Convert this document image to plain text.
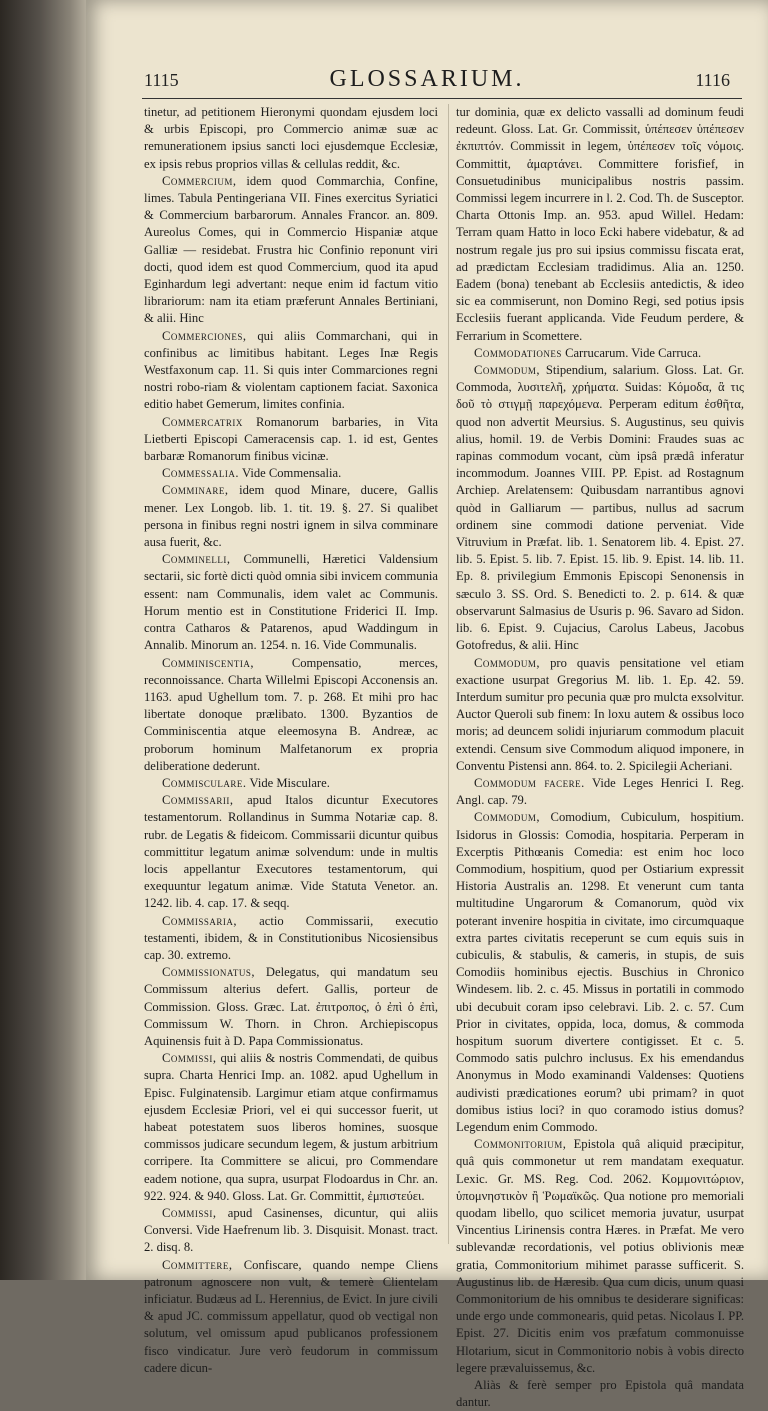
1115	GLOSSARIUM.	1116

tinetur, ad petitionem Hieronymi quondam ejusdem loci & urbis Episcopi, pro Commercio animæ suæ ac remunerationem ipsius sancti loci ejusdemque Ecclesiæ, ex ipsis rebus proprios villas & cellulas reddit, &c.

Commercium, idem quod Commarchia, Confine, limes. Tabula Pentingeriana VII. Fines exercitus Syriatici & Commercium barbarorum. Annales Francor. an. 809. Aureolus Comes, qui in Commercio Hispaniæ atque Galliæ — residebat. Frustra hic Confinio reponunt viri docti, quod idem est quod Commercium, quod ita apud Eginhardum legi advertant: neque enim id factum vitio librariorum: nam ita etiam præferunt Annales Bertiniani, & alii. Hinc

Commerciones, qui aliis Commarchani, qui in confinibus ac limitibus habitant. Leges Inæ Regis Westfaxonum cap. 11. Si quis inter Commarciones regni nostri robo-riam & violentam captionem faciat. Saxonica editio habet Gemerum, limites confinia.

Commercatrix Romanorum barbaries, in Vita Lietberti Episcopi Cameracensis cap. 1. id est, Gentes barbaræ Romanorum finibus vicinæ.

Commessalia. Vide Commensalia.

Comminare, idem quod Minare, ducere, Gallis mener. Lex Longob. lib. 1. tit. 19. §. 27. Si qualibet persona in finibus regni nostri ignem in silva comminare ausa fuerit, &c.

Comminelli, Communelli, Hæretici Valdensium sectarii, sic fortè dicti quòd omnia sibi invicem communia essent: nam Communalis, idem valet ac Communis. Horum mentio est in Constitutione Friderici II. Imp. contra Catharos & Patarenos, apud Waddingum in Annalib. Minorum an. 1254. n. 16. Vide Communalis.

Comminiscentia,	Compensatio, merces, reconnoissance. Charta Willelmi Episcopi Acconensis an. 1163. apud Ughellum tom. 7. p. 268. Et mihi pro hac libertate donoque prælibato. 1300. Byzantios de Comminiscentia atque eleemosyna B. Andreæ, ac proborum hominum Malfetanorum ex propria deliberatione dederunt.

Commisculare. Vide Misculare.

Commissarii, apud Italos dicuntur Executores testamentorum. Rollandinus in Summa Notariæ cap. 8. rubr. de Legatis & fideicom. Commissarii dicuntur quibus committitur legatum animæ solvendum: unde in multis locis appellantur Executores testamentorum, qui exequuntur legatum animæ. Vide Statuta Venetor. an. 1242. lib. 4. cap. 17. & seqq.

Commissaria, actio Commissarii, executio testamenti, ibidem, & in Constitutionibus Nicosiensibus cap. 30. extremo.

Commissionatus, Delegatus, qui mandatum seu Commissum alterius defert. Gallis, porteur de Commission. Gloss. Græc. Lat. ἐπιτροπος, ὁ ἐπὶ ὁ ἐπὶ, Commissum W. Thorn. in Chron. Archiepiscopus Aquinensis fuit à D. Papa Commissionatus.

Commissi, qui aliis & nostris Commendati, de quibus supra. Charta Henrici Imp. an. 1082. apud Ughellum in Episc. Fulginatensib. Largimur etiam atque confirmamus ejusdem Ecclesiæ Priori, vel ei qui successor fuerit, ut habeat potestatem suos liberos homines, suosque commissos judicare secundum legem, & justum arbitrium corripere. Ita Committere se alicui, pro Commendare eadem notione, qua supra, usurpat Flodoardus in Chr. an. 922. 924. & 940. Gloss. Lat. Gr. Committit, ἐμπιστεύει.

Commissi, apud Casinenses, dicuntur, qui aliis Conversi. Vide Haefrenum lib. 3. Disquisit. Monast. tract. 2. disq. 8.

Committere, Confiscare, quando nempe Cliens patronum agnoscere non vult, & temerè Clientelam inficiatur. Budæus ad L. Herennius, de Evict. In jure civili & apud JC. commissum appellatur, quod ob vectigal non solutum, vel omissum apud publicanos professionem fisco vindicatur. Jure verò feudorum in commissum cadere dicun-

tur dominia, quæ ex delicto vassalli ad dominum feudi redeunt. Gloss. Lat. Gr. Commissit, ὑπέπεσεν ὑπέπεσεν ἐκπιπτόν. Commissit in legem, ὑπέπεσεν τοῖς νόμοις. Committit, ἁμαρτάνει. Committere forisfief, in Consuetudinibus municipalibus nostris passim. Commissi legem incurrere in l. 2. Cod. Th. de Susceptor. Charta Ottonis Imp. an. 953. apud Willel. Hedam: Terram quam Hatto in loco Ecki habere videbatur, & ad nostrum regale jus pro sui ipsius commissu fiscata erat, ad prædictam Ecclesiam tradidimus. Alia an. 1250. Eadem (bona) tenebant ab Ecclesiis antedictis, & ideo sic ea commiserunt, non Domino Regi, sed potius ipsis Ecclesiis fuerant applicanda. Vide Feudum perdere, & Ferrarium in Scomettere.

Commodationes Carrucarum. Vide Carruca.

Commodum, Stipendium, salarium. Gloss. Lat. Gr. Commoda, λυσιτελῆ, χρήματα. Suidas: Κόμοδα, ἃ τις δοῦ τὸ στιγμῇ παρεχόμενα. Perperam editum ἐσθῆτα, quod non advertit Meursius. S. Augustinus, seu quivis alius, homil. 19. de Verbis Domini: Fraudes suas ac rapinas commodum vocant, cùm ipsâ prædâ inferatur incommodum. Joannes VIII. PP. Epist. ad Rostagnum Archiep. Arelatensem: Quibusdam narrantibus agnovi quòd in Galliarum — partibus, nullus ad sacrum ordinem sine commodi datione perveniat. Vide Vitruvium in Præfat. lib. 1. Senatorem lib. 4. Epist. 27. lib. 5. Epist. 5. lib. 7. Epist. 15. lib. 9. Epist. 14. lib. 11. Ep. 8. privilegium Emmonis Episcopi Senonensis in sæculo 3. SS. Ord. S. Benedicti to. 2. p. 614. & quæ observarunt Salmasius de Usuris p. 96. Savaro ad Sidon. lib. 6. Epist. 9. Cujacius, Carolus Labeus, Jacobus Gotofredus, & alii. Hinc

Commodum, pro quavis pensitatione vel etiam exactione usurpat Gregorius M. lib. 1. Ep. 42. 59. Interdum sumitur pro pecunia quæ pro mulcta exsolvitur. Auctor Queroli sub finem: In loxu autem & ossibus loco moris; ad deuncem solidi injuriarum commodum placuit extendi. Censum sive Commodum aliquod imponere, in Conventu Pistensi ann. 864. to. 2. Spicilegii Acheriani.

Commodum facere. Vide Leges Henrici I. Reg. Angl. cap. 79.

Commodum, Comodium, Cubiculum, hospitium. Isidorus in Glossis: Comodia, hospitaria. Perperam in Excerptis Pithœanis Comedia: est enim hoc loco Commodium, hospitium, quod per Ostiarium expressit Historia Australis an. 1298. Et venerunt cum tanta multitudine Ungarorum & Comanorum, quòd vix poterant invenire hospitia in civitate, imo circumquaque extra partes civitatis receperunt se cum equis suis in cubiculis, & stabulis, & cameris, in stupis, de suis Comodiis hominibus ejectis. Buschius in Chronico Windesem. lib. 2. c. 45. Missus in portatili in commodo ubi decubuit coram ipso celebravi. Lib. 2. c. 57. Cum Prior in civitates, oppida, loca, domus, & commoda hospitum suorum divertere contigisset. Et c. 5. Commodo satis pulchro inclusus. Ex his emendandus Anonymus in Modo examinandi Valdenses: Quotiens audivisti prædicationes eorum? ubi primam? in quot domibus istius loci? in quo coramodo istius domus? Legendum enim Commodo.

Commonitorium, Epistola quâ aliquid præcipitur, quâ quis commonetur ut rem mandatam exequatur. Lexic. Gr. MS. Reg. Cod. 2062. Κομμονιτώριον, ὑπομνηστικὸν ἢ Ῥωμαϊκῶς. Qua notione pro memoriali quodam libello, quo scilicet memoria juvatur, usurpat Vincentius Lirinensis contra Hæres. in Præfat. Me vero sublevandæ recordationis, vel potius oblivionis meæ gratia, Commonitorium mihimet parasse sufficerit. S. Augustinus lib. de Hæresib. Qua cum dicis, unum quasi Commonitorium de his omnibus te desiderare significas: unde ergo unde commonearis, quid petas. Nicolaus I. PP. Epist. 27. Dicitis enim vos præfatum commonuisse Hlotarium, sicut in Commonitorio nobis à vobis directo legere prævaluissemus, &c.

Aliàs & ferè semper pro Epistola quâ mandata dantur.
